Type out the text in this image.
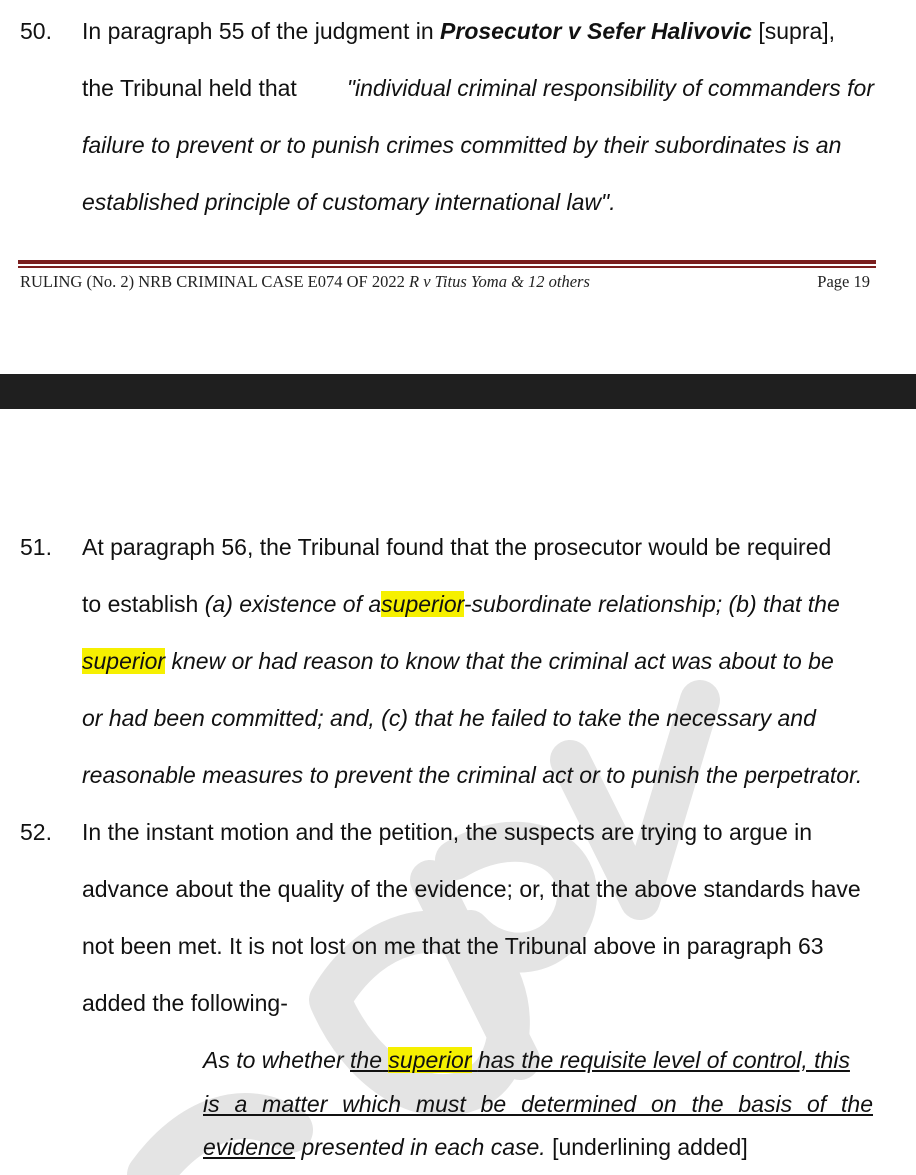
50. In paragraph 55 of the judgment in Prosecutor v Sefer Halivovic [supra],
the Tribunal held that "individual criminal responsibility of commanders for
failure to prevent or to punish crimes committed by their subordinates is an
established principle of customary international law".
RULING (No. 2) NRB CRIMINAL CASE E074 OF 2022 R v Titus Yoma & 12 others	Page 19
51. At paragraph 56, the Tribunal found that the prosecutor would be required
to establish (a) existence of asuperior-subordinate relationship; (b) that the
superior knew or had reason to know that the criminal act was about to be
or had been committed; and, (c) that he failed to take the necessary and
reasonable measures to prevent the criminal act or to punish the perpetrator.
52. In the instant motion and the petition, the suspects are trying to argue in
advance about the quality of the evidence; or, that the above standards have
not been met. It is not lost on me that the Tribunal above in paragraph 63
added the following-
As to whether the superior has the requisite level of control, this
is a matter which must be determined on the basis of the
evidence presented in each case. [underlining added]
